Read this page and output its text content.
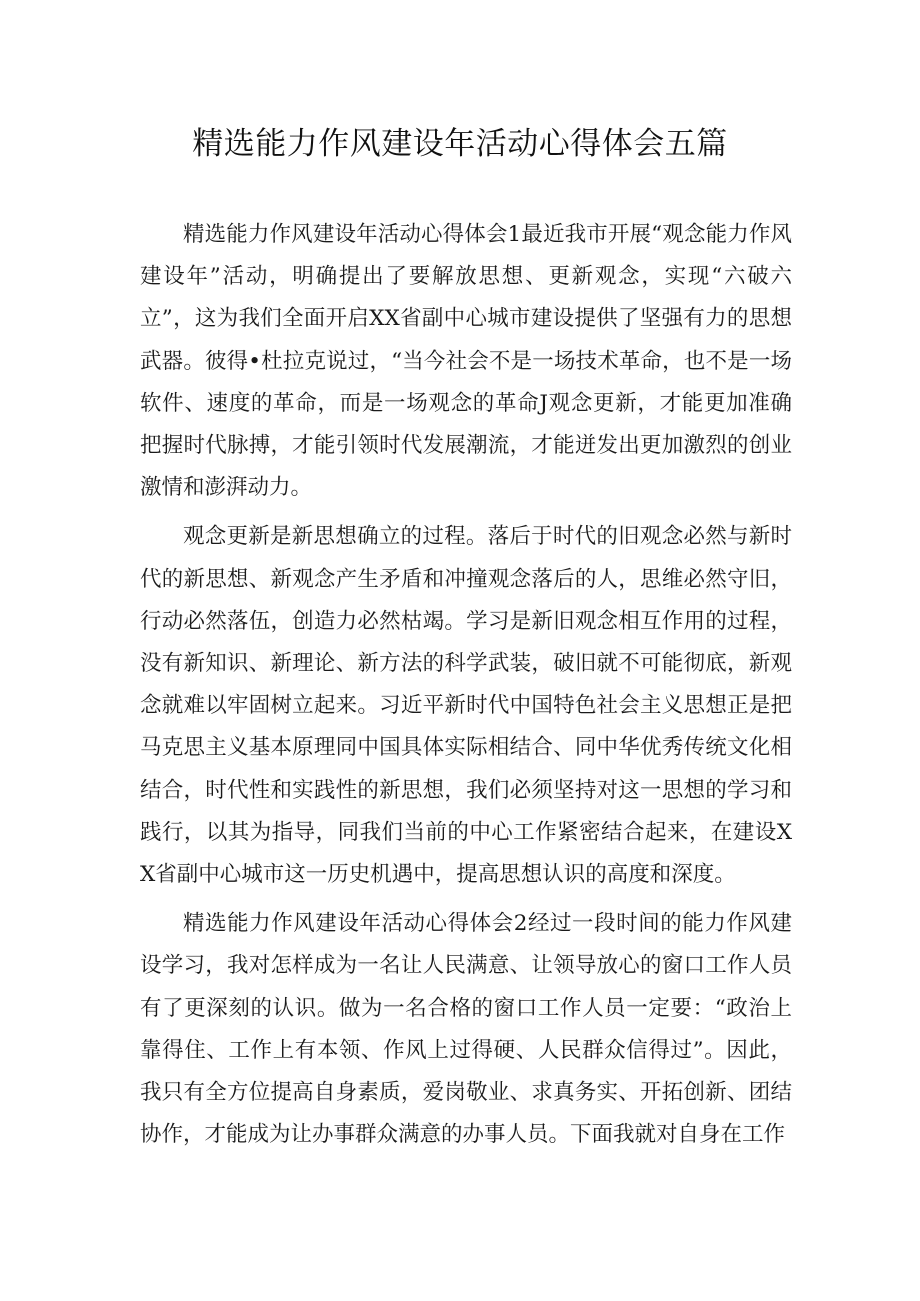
精选能力作风建设年活动心得体会五篇

精选能力作风建设年活动心得体会1最近我市开展“观念能力作风建设年”活动，明确提出了要解放思想、更新观念，实现“六破六立”，这为我们全面开启XX省副中心城市建设提供了坚强有力的思想武器。彼得•杜拉克说过，“当今社会不是一场技术革命，也不是一场软件、速度的革命，而是一场观念的革命J观念更新，才能更加准确把握时代脉搏，才能引领时代发展潮流，才能迸发出更加激烈的创业激情和澎湃动力。

观念更新是新思想确立的过程。落后于时代的旧观念必然与新时代的新思想、新观念产生矛盾和冲撞观念落后的人，思维必然守旧，行动必然落伍，创造力必然枯竭。学习是新旧观念相互作用的过程，没有新知识、新理论、新方法的科学武装，破旧就不可能彻底，新观念就难以牢固树立起来。习近平新时代中国特色社会主义思想正是把马克思主义基本原理同中国具体实际相结合、同中华优秀传统文化相结合，时代性和实践性的新思想，我们必须坚持对这一思想的学习和践行，以其为指导，同我们当前的中心工作紧密结合起来，在建设XX省副中心城市这一历史机遇中，提高思想认识的高度和深度。

精选能力作风建设年活动心得体会2经过一段时间的能力作风建设学习，我对怎样成为一名让人民满意、让领导放心的窗口工作人员有了更深刻的认识。做为一名合格的窗口工作人员一定要：“政治上靠得住、工作上有本领、作风上过得硬、人民群众信得过”。因此，我只有全方位提高自身素质，爱岗敬业、求真务实、开拓创新、团结协作，才能成为让办事群众满意的办事人员。下面我就对自身在工作
